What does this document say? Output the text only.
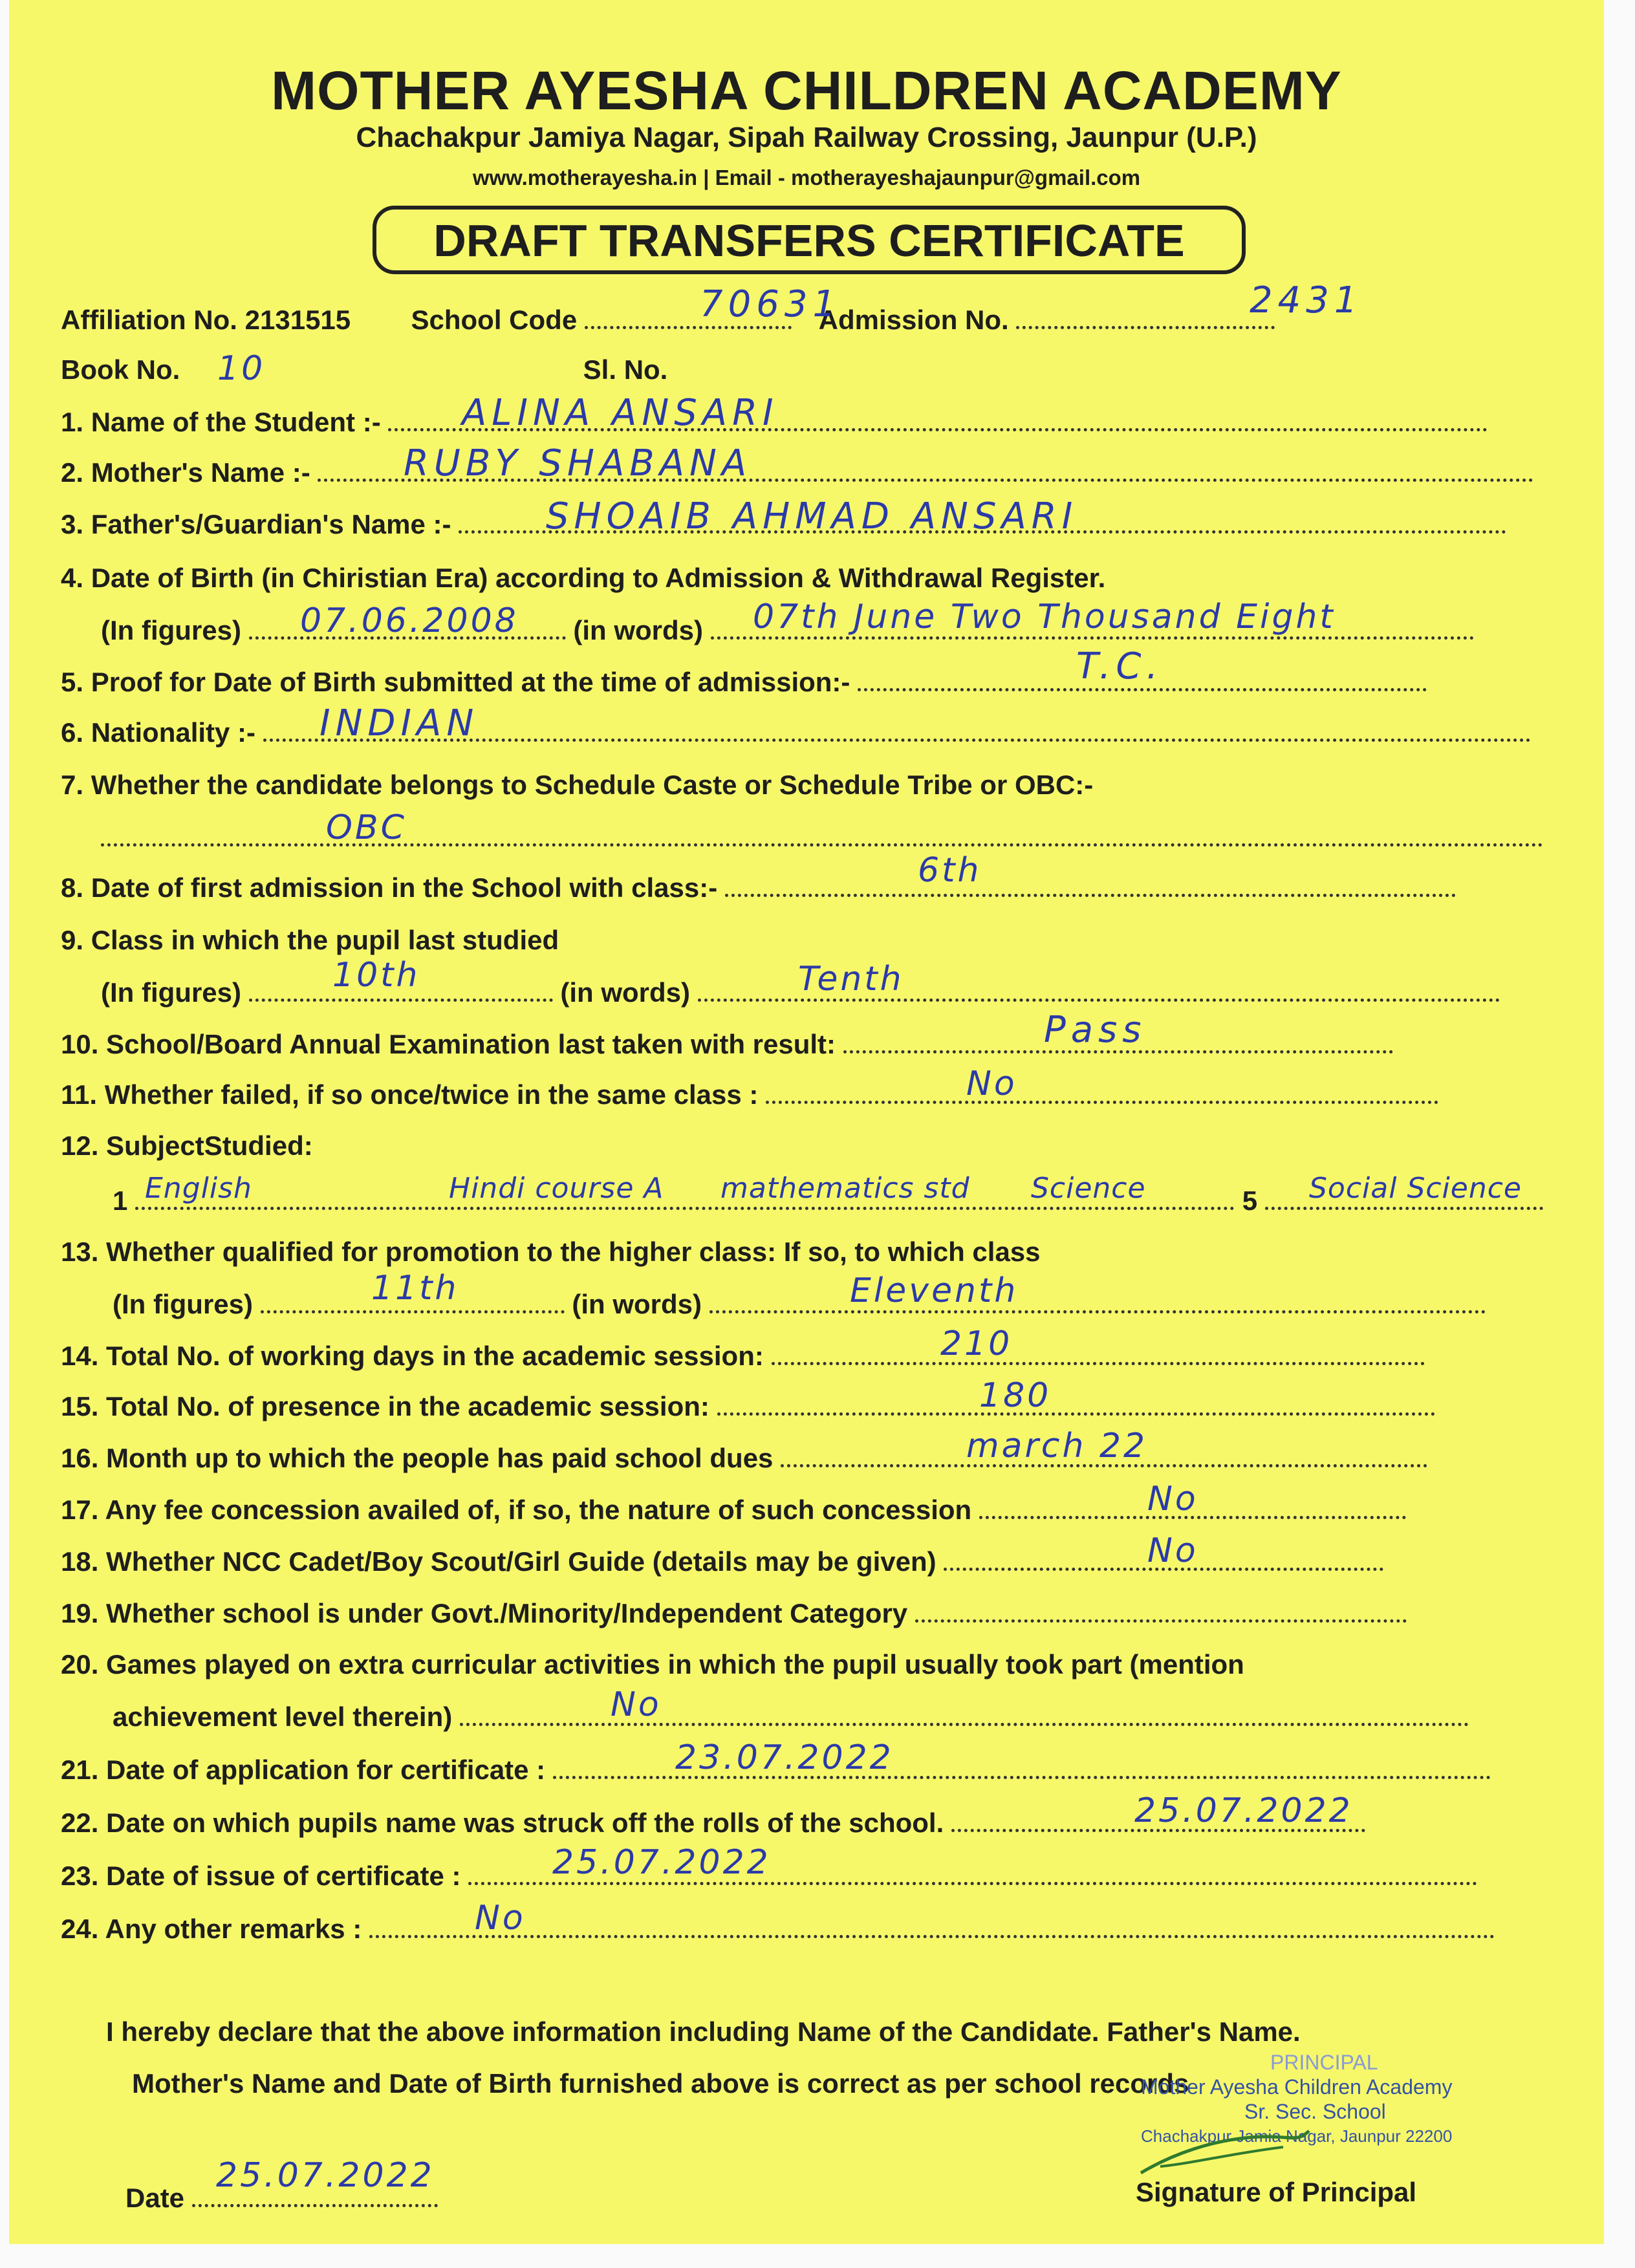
MOTHER AYESHA CHILDREN ACADEMY
Chachakpur Jamiya Nagar, Sipah Railway Crossing, Jaunpur (U.P.)
www.motherayesha.in | Email - motherayeshajaunpur@gmail.com
DRAFT TRANSFERS CERTIFICATE
Affiliation No. 2131515 School Code	Admission No.
70631	2431
Book No.	Sl. No.
10
1. Name of the Student :-	ALINA ANSARI
2. Mother's Name :-	RUBY SHABANA
3. Father's/Guardian's Name :-	SHOAIB AHMAD ANSARI
4. Date of Birth (in Chiristian Era) according to Admission & Withdrawal Register.
(In figures)	(in words)
07.06.2008	07th June Two Thousand Eight
5. Proof for Date of Birth submitted at the time of admission:-	T.C.
6. Nationality :-	INDIAN
7. Whether the candidate belongs to Schedule Caste or Schedule Tribe or OBC:-
OBC
8. Date of first admission in the School with class:-	6th
9. Class in which the pupil last studied
(In figures)	(in words)
10th	Tenth
10. School/Board Annual Examination last taken with result:	Pass
11. Whether failed, if so once/twice in the same class :	No
12. SubjectStudied:
1	5
English	Hindi course A mathematics std Science	Social Science
13. Whether qualified for promotion to the higher class: If so, to which class
(In figures)	(in words)
11th	Eleventh
14. Total No. of working days in the academic session:	210
15. Total No. of presence in the academic session:	180
16. Month up to which the people has paid school dues	march 22
17. Any fee concession availed of, if so, the nature of such concession	No
18. Whether NCC Cadet/Boy Scout/Girl Guide (details may be given)	No
19. Whether school is under Govt./Minority/Independent Category
20. Games played on extra curricular activities in which the pupil usually took part (mention
achievement level therein)	No
21. Date of application for certificate :	23.07.2022
22. Date on which pupils name was struck off the rolls of the school.	25.07.2022
23. Date of issue of certificate :	25.07.2022
24. Any other remarks :	No
I hereby declare that the above information including Name of the Candidate. Father's Name.
Mother's Name and Date of Birth furnished above is correct as per school records
PRINCIPAL
Mother Ayesha Children Academy
Sr. Sec. School
Chachakpur Jamia Nagar, Jaunpur 22200
Date
25.07.2022	Signature of Principal
